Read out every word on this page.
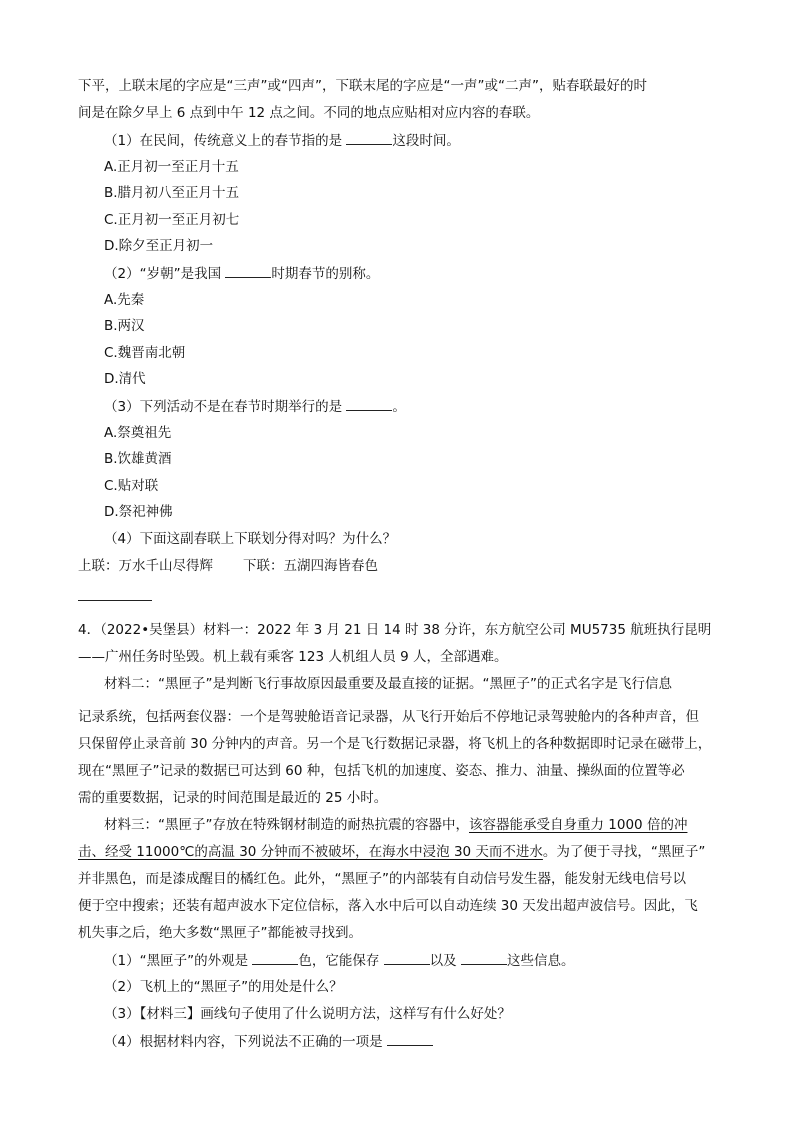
下平，上联末尾的字应是“三声”或“四声”，下联末尾的字应是“一声”或“二声”，贴春联最好的时
间是在除夕早上 6 点到中午 12 点之间。不同的地点应贴相对应内容的春联。
（1）在民间，传统意义上的春节指的是	这段时间。
A.正月初一至正月十五
B.腊月初八至正月十五
C.正月初一至正月初七
D.除夕至正月初一
（2）“岁朝”是我国	时期春节的别称。
A.先秦
B.两汉
C.魏晋南北朝
D.清代
（3）下列活动不是在春节时期举行的是	。
A.祭奠祖先
B.饮雄黄酒
C.贴对联
D.祭祀神佛
（4）下面这副春联上下联划分得对吗？为什么？
上联：万水千山尽得辉 下联：五湖四海皆春色
4．（2022•吴堡县）材料一：2022 年 3 月 21 日 14 时 38 分许，东方航空公司 MU5735 航班执行昆明
——广州任务时坠毁。机上载有乘客 123 人机组人员 9 人，全部遇难。
材料二：“黑匣子”是判断飞行事故原因最重要及最直接的证据。“黑匣子”的正式名字是飞行信息
记录系统，包括两套仪器：一个是驾驶舱语音记录器，从飞行开始后不停地记录驾驶舱内的各种声音，但
只保留停止录音前 30 分钟内的声音。另一个是飞行数据记录器，将飞机上的各种数据即时记录在磁带上，
现在“黑匣子”记录的数据已可达到 60 种，包括飞机的加速度、姿态、推力、油量、操纵面的位置等必
需的重要数据，记录的时间范围是最近的 25 小时。
材料三：“黑匣子”存放在特殊钢材制造的耐热抗震的容器中，该容器能承受自身重力 1000 倍的冲
击、经受 11000℃的高温 30 分钟而不被破坏，在海水中浸泡 30 天而不进水。为了便于寻找，“黑匣子”
并非黑色，而是漆成醒目的橘红色。此外，“黑匣子”的内部装有自动信号发生器，能发射无线电信号以
便于空中搜索；还装有超声波水下定位信标，落入水中后可以自动连续 30 天发出超声波信号。因此，飞
机失事之后，绝大多数“黑匣子”都能被寻找到。
（1）“黑匣子”的外观是	色，它能保存	以及	这些信息。
（2）飞机上的“黑匣子”的用处是什么？
（3）【材料三】画线句子使用了什么说明方法，这样写有什么好处？
（4）根据材料内容，下列说法不正确的一项是
